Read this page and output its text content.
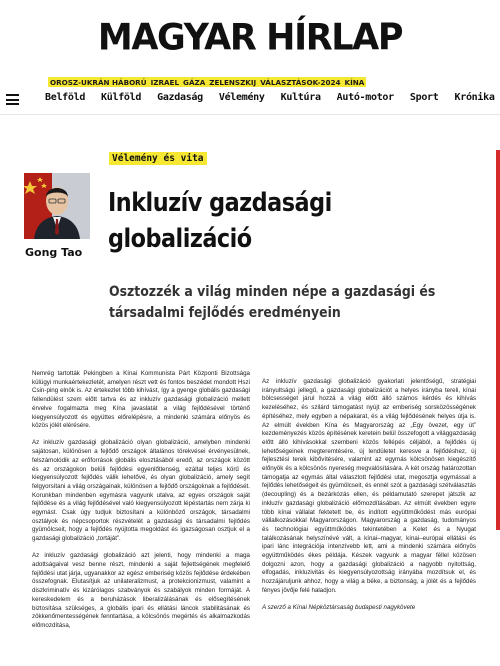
MAGYAR HÍRLAP
OROSZ-UKRÁN HÁBORÚ IZRAEL GÁZA ZELENSZKIJ VÁLASZTÁSOK-2024 KÍNA
Belföld Külföld Gazdaság Vélemény Kultúra Autó-motor Sport Krónika
Vélemény és vita
Gong Tao
Inkluzív gazdasági globalizáció
Osztozzék a világ minden népe a gazdasági és társadalmi fejlődés eredményein

Nemrég tartották Pekingben a Kínai Kommunista Párt Központi Bizottsága külügyi munkaértekezletét, amelyen részt vett és fontos beszédet mondott Hszi Csin-ping elnök is. Az értekezlet több kihívást, így a gyenge globális gazdasági fellendülést szem előtt tartva és az inkluzív gazdasági globalizáció mellett érvelve fogalmazta meg Kína javaslatát a világ fejlődésével történő kiegyensúlyozott és együttes előrelépésre, a mindenki számára előnyös és közös jólét elérésére.

Az inkluzív gazdasági globalizáció olyan globalizáció, amelyben mindenki sajátosan, különösen a fejlődő országok általános törekvései érvényesülnek, felszámolódik az erőforrások globális elosztásából eredő, az országok között és az országokon belüli fejlődési egyenlőtlenség, ezáltal teljes körű és kiegyensúlyozott fejlődés válik lehetővé, és olyan globalizáció, amely segít felgyorsítani a világ országainak, különösen a fejlődő országoknak a fejlődését. Korunkban mindenben egymásra vagyunk utalva, az egyes országok saját fejlődése és a világ fejlődésével való kiegyensúlyozott lépéstartás nem zárja ki egymást. Csak úgy tudjuk biztosítani a különböző országok, társadalmi osztályok és népcsoportok részvételét a gazdasági és társadalmi fejlődés gyümölcseit, hogy a fejlődés nyújtotta megoldást és igazságosan osztjuk el a gazdasági globalizáció „tortáját”.

Az inkluzív gazdasági globalizáció azt jelenti, hogy mindenki a maga adottságaival vesz benne részt, mindenki a saját fejlettségének megfelelő fejlődési utat járja, ugyanakkor az egész emberiség közös fejlődése érdekében összefognak. Elutasítjuk az unilateralizmust, a protekcionizmust, valamint a diszkriminatív és kizárólagos szabványok és szabályok minden formáját. A kereskedelem és a beruházások liberalizálásának és elősegítésének biztosítása szükséges, a globális ipari és ellátási láncok stabilitásának és zökkenőmentességének fenntartása, a kölcsönös megértés és alkalmazkodás előmozdítása,

Az inkluzív gazdasági globalizáció gyakorlati jelentőségű, stratégiai irányultságú jellegű, a gazdasági globalizációt a helyes irányba tereli, kínai bölcsességet járul hozzá a világ előtt álló számos kérdés és kihívás kezeléséhez, és szilárd támogatást nyújt az emberiség sorsközösségének építéséhez, mely egyben a népakarat, és a világ fejlődésének helyes útja is. Az elmúlt években Kína és Magyarország az „Egy övezet, egy út” kezdeményezés közös építésének keretein belül összefogott a világgazdaság előtt álló kihívásokkal szembeni közös fellépés céljából, a fejlődés új lehetőségeinek megteremtésére, új lendületet keresve a fejlődéshez, új fejlesztési terek kibővítésére, valamint az egymás kölcsönösen kiegészítő előnyök és a kölcsönös nyereség megvalósítására. A két ország határozottan támogatja az egymás által választott fejlődési utat, megosztja egymással a fejlődés lehetőségeit és gyümölcseit, és ennél szót a gazdasági szétválasztás (decoupling) és a bezárkózás ellen, és példamutató szerepet játszik az inkluzív gazdasági globalizáció előmozdításában. Az elmúlt években egyre több kínai vállalat fektetett be, és indított együttműködést más európai vállalkozásokkal Magyarországon. Magyarország a gazdaság, tudományos és technológiai együttműködés tekintetében a Kelet és a Nyugat találkozásának helyszínévé vált, a kínai–magyar, kínai–európai ellátási és ipari lánc integrációja intenzívebb lett, ami a mindenki számára előnyös együttműködés ékes példája. Készek vagyunk a magyar féllel közösen dolgozni azon, hogy a gazdasági globalizáció a nagyobb nyitottság, elfogadás, inkluzivitás és kiegyensúlyozottság irányába mozdítsuk el, és hozzájáruljunk ahhoz, hogy a világ a béke, a biztonság, a jólét és a fejlődés fényes jövője felé haladjon.

A szerző a Kínai Népköztársaság budapesti nagykövete
